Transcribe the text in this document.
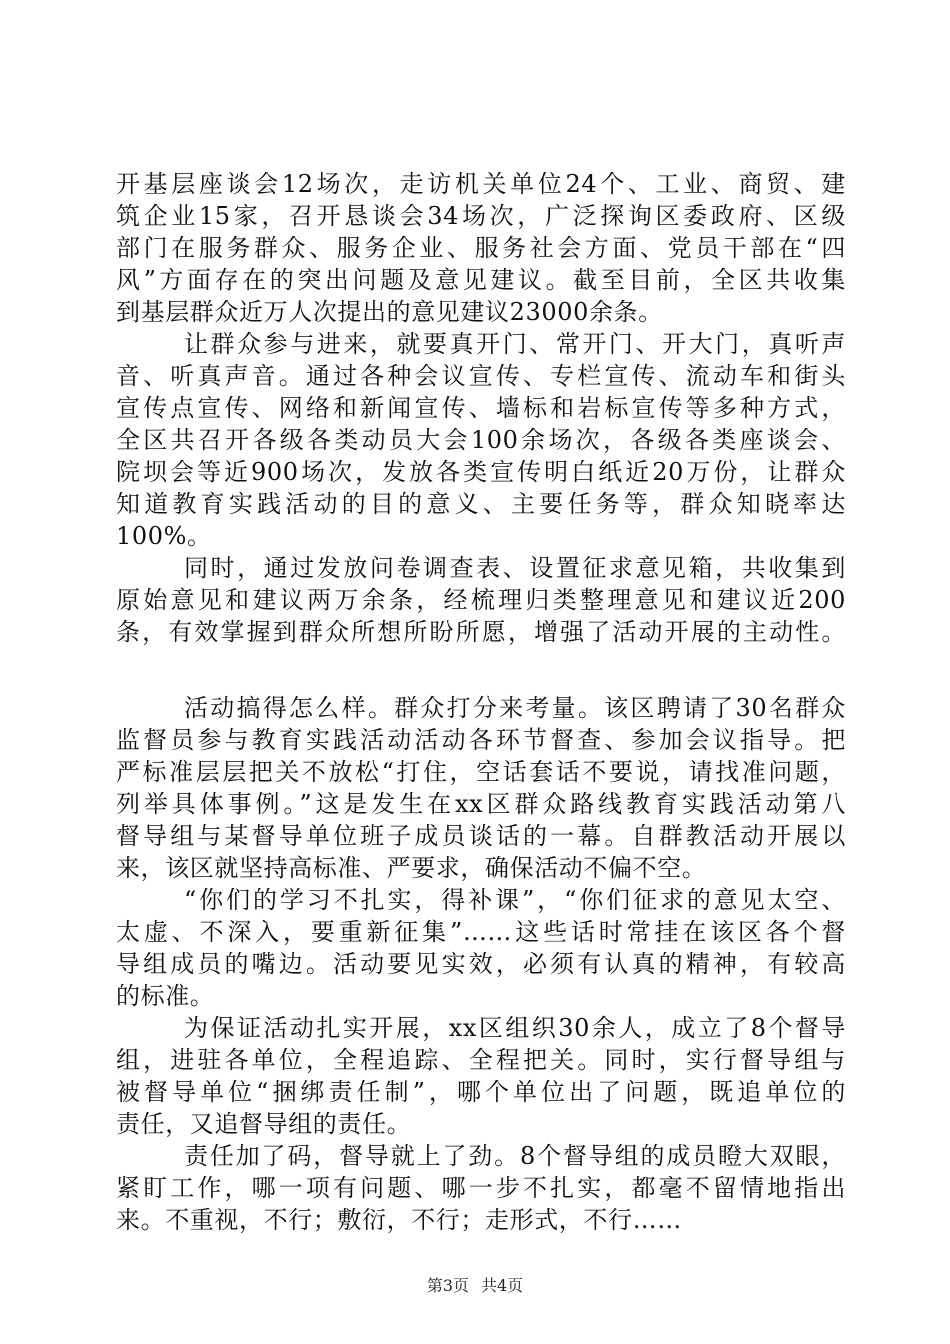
开基层座谈会12场次，走访机关单位24个、工业、商贸、建
筑企业15家，召开恳谈会34场次，广泛探询区委政府、区级
部门在服务群众、服务企业、服务社会方面、党员干部在“四
风”方面存在的突出问题及意见建议。截至目前，全区共收集
到基层群众近万人次提出的意见建议23000余条。
让群众参与进来，就要真开门、常开门、开大门，真听声
音、听真声音。通过各种会议宣传、专栏宣传、流动车和街头
宣传点宣传、网络和新闻宣传、墙标和岩标宣传等多种方式，
全区共召开各级各类动员大会100余场次，各级各类座谈会、
院坝会等近900场次，发放各类宣传明白纸近20万份，让群众
知道教育实践活动的目的意义、主要任务等，群众知晓率达
100%。
同时，通过发放问卷调查表、设置征求意见箱，共收集到
原始意见和建议两万余条，经梳理归类整理意见和建议近200
条，有效掌握到群众所想所盼所愿，增强了活动开展的主动性。
活动搞得怎么样。群众打分来考量。该区聘请了30名群众
监督员参与教育实践活动活动各环节督查、参加会议指导。把
严标准层层把关不放松“打住，空话套话不要说，请找准问题，
列举具体事例。”这是发生在xx区群众路线教育实践活动第八
督导组与某督导单位班子成员谈话的一幕。自群教活动开展以
来，该区就坚持高标准、严要求，确保活动不偏不空。
“你们的学习不扎实，得补课”，“你们征求的意见太空、
太虚、不深入，要重新征集”……这些话时常挂在该区各个督
导组成员的嘴边。活动要见实效，必须有认真的精神，有较高
的标准。
为保证活动扎实开展，xx区组织30余人，成立了8个督导
组，进驻各单位，全程追踪、全程把关。同时，实行督导组与
被督导单位“捆绑责任制”，哪个单位出了问题，既追单位的
责任，又追督导组的责任。
责任加了码，督导就上了劲。8个督导组的成员瞪大双眼，
紧盯工作，哪一项有问题、哪一步不扎实，都毫不留情地指出
来。不重视，不行；敷衍，不行；走形式，不行……
第3页 共4页
